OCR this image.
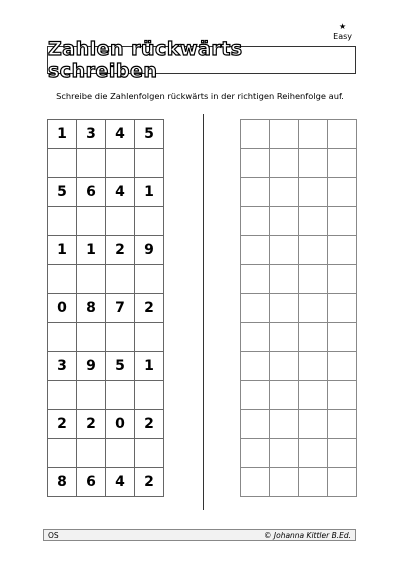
★
Easy
Zahlen rückwärts schreiben
Schreibe die Zahlenfolgen rückwärts in der richtigen Reihenfolge auf.
1	3	4	5

5	6	4	1

1	1	2	9

0	8	7	2

3	9	5	1

2	2	0	2

8	6	4	2

OS	© Johanna Kittler B.Ed.
